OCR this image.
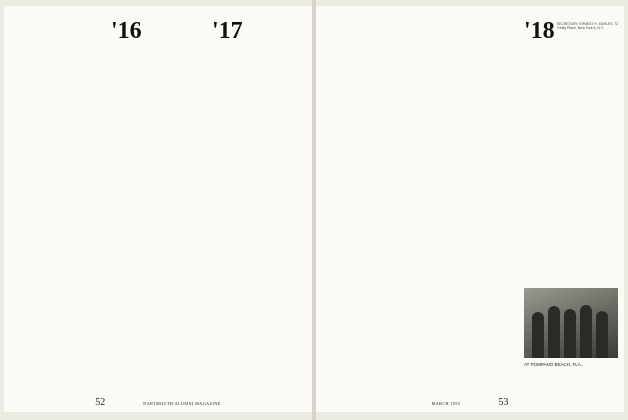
'16	'17
52	DARTMOUTH ALUMNI MAGAZINE
'18 SECRETARY, ERNEST H. EARLEY, 72 Trinity Place, New York 6, N.Y.
AT POMPANO BEACH, FLA.,
MARCH 1955	53
